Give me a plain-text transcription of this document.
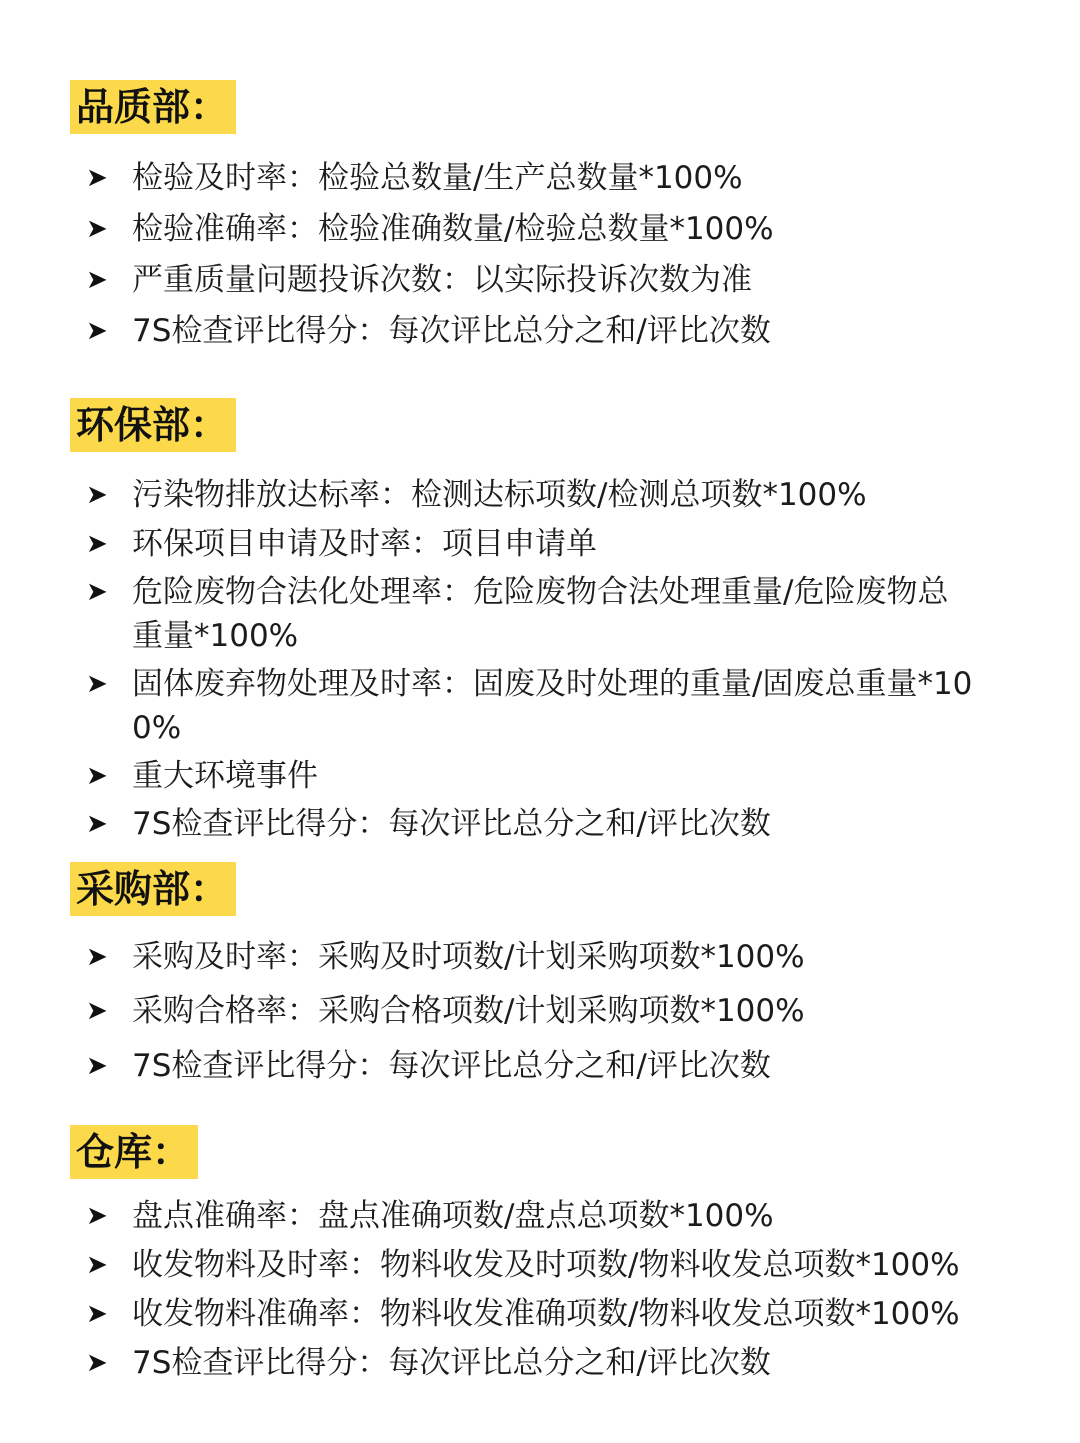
品质部：
➤ 检验及时率：检验总数量/生产总数量*100%
➤ 检验准确率：检验准确数量/检验总数量*100%
➤ 严重质量问题投诉次数：以实际投诉次数为准
➤ 7S检查评比得分：每次评比总分之和/评比次数
环保部：
➤ 污染物排放达标率：检测达标项数/检测总项数*100%
➤ 环保项目申请及时率：项目申请单
➤ 危险废物合法化处理率：危险废物合法处理重量/危险废物总重量*100%
➤ 固体废弃物处理及时率：固废及时处理的重量/固废总重量*100%
➤ 重大环境事件
➤ 7S检查评比得分：每次评比总分之和/评比次数
采购部：
➤ 采购及时率：采购及时项数/计划采购项数*100%
➤ 采购合格率：采购合格项数/计划采购项数*100%
➤ 7S检查评比得分：每次评比总分之和/评比次数
仓库：
➤ 盘点准确率：盘点准确项数/盘点总项数*100%
➤ 收发物料及时率：物料收发及时项数/物料收发总项数*100%
➤ 收发物料准确率：物料收发准确项数/物料收发总项数*100%
➤ 7S检查评比得分：每次评比总分之和/评比次数
